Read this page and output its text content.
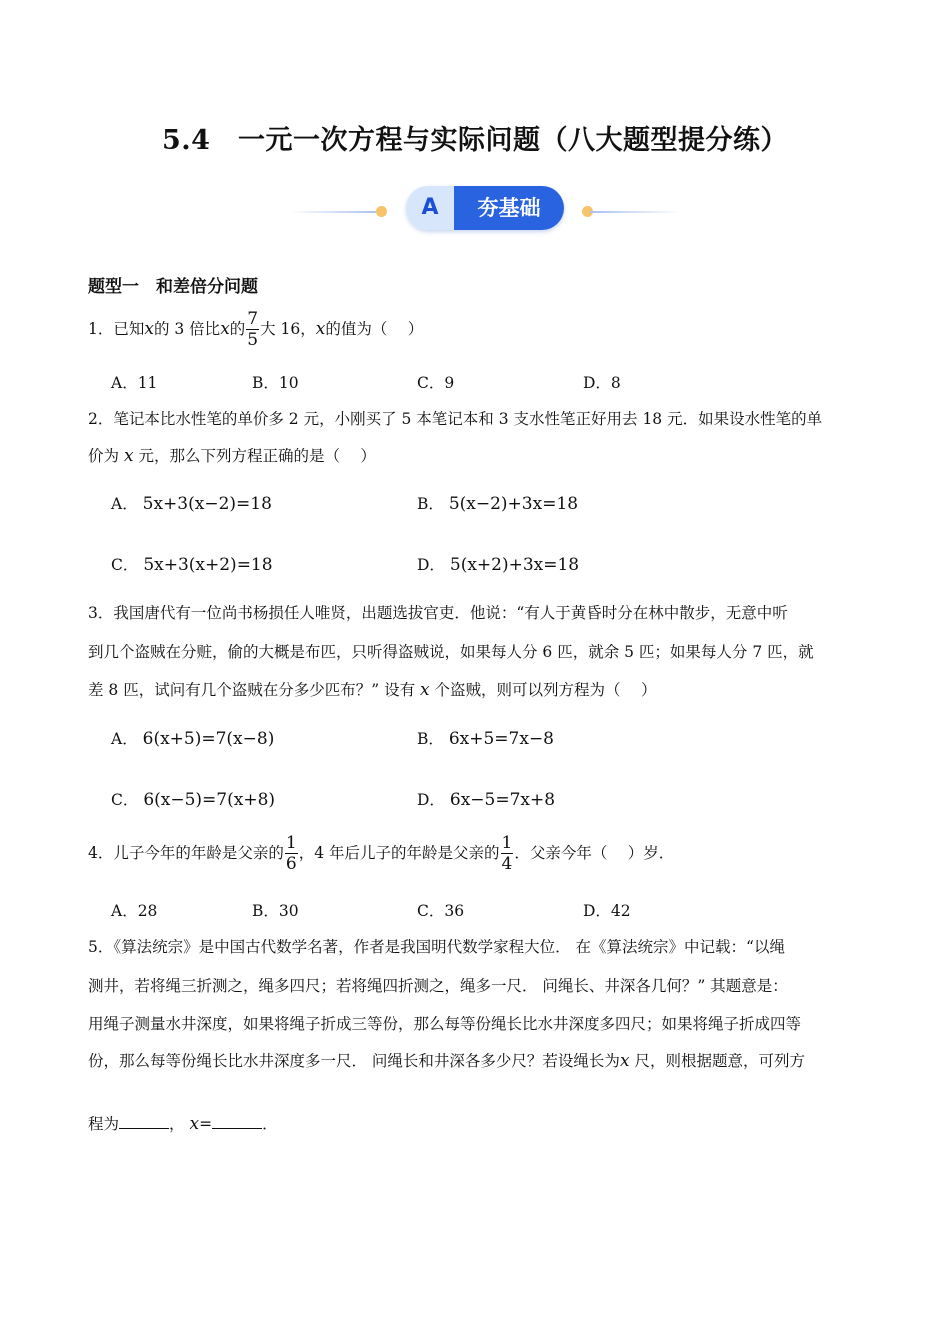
5.4　一元一次方程与实际问题（八大题型提分练）
A	夯基础
题型一　和差倍分问题
1．已知x的 3 倍比x的 $\frac{7}{5}$ 大 16，x的值为（　 ）
A．11	B．10	C．9	D．8
2．笔记本比水性笔的单价多 2 元，小刚买了 5 本笔记本和 3 支水性笔正好用去 18 元．如果设水性笔的单
价为 x 元，那么下列方程正确的是（　 ）
A． 5x+3(x−2)=18	B． 5(x−2)+3x=18
C． 5x+3(x+2)=18	D． 5(x+2)+3x=18
3．我国唐代有一位尚书杨损任人唯贤，出题选拔官吏．他说：“有人于黄昏时分在林中散步，无意中听
到几个盗贼在分赃，偷的大概是布匹，只听得盗贼说，如果每人分 6 匹，就余 5 匹；如果每人分 7 匹，就
差 8 匹，试问有几个盗贼在分多少匹布？” 设有 x 个盗贼，则可以列方程为（　 ）
A． 6(x+5)=7(x−8)	B． 6x+5=7x−8
C． 6(x−5)=7(x+8)	D． 6x−5=7x+8
4．儿子今年的年龄是父亲的 $\frac{1}{6}$ ，4 年后儿子的年龄是父亲的 $\frac{1}{4}$ ．父亲今年（　 ）岁．
A．28	B．30	C．36	D．42
5．《算法统宗》是中国古代数学名著，作者是我国明代数学家程大位． 在《算法统宗》中记载：“以绳
测井，若将绳三折测之，绳多四尺；若将绳四折测之，绳多一尺． 问绳长、井深各几何？” 其题意是：
用绳子测量水井深度，如果将绳子折成三等份，那么每等份绳长比水井深度多四尺；如果将绳子折成四等
份，那么每等份绳长比水井深度多一尺． 问绳长和井深各多少尺？若设绳长为x 尺，则根据题意，可列方
程为	， x=	．
